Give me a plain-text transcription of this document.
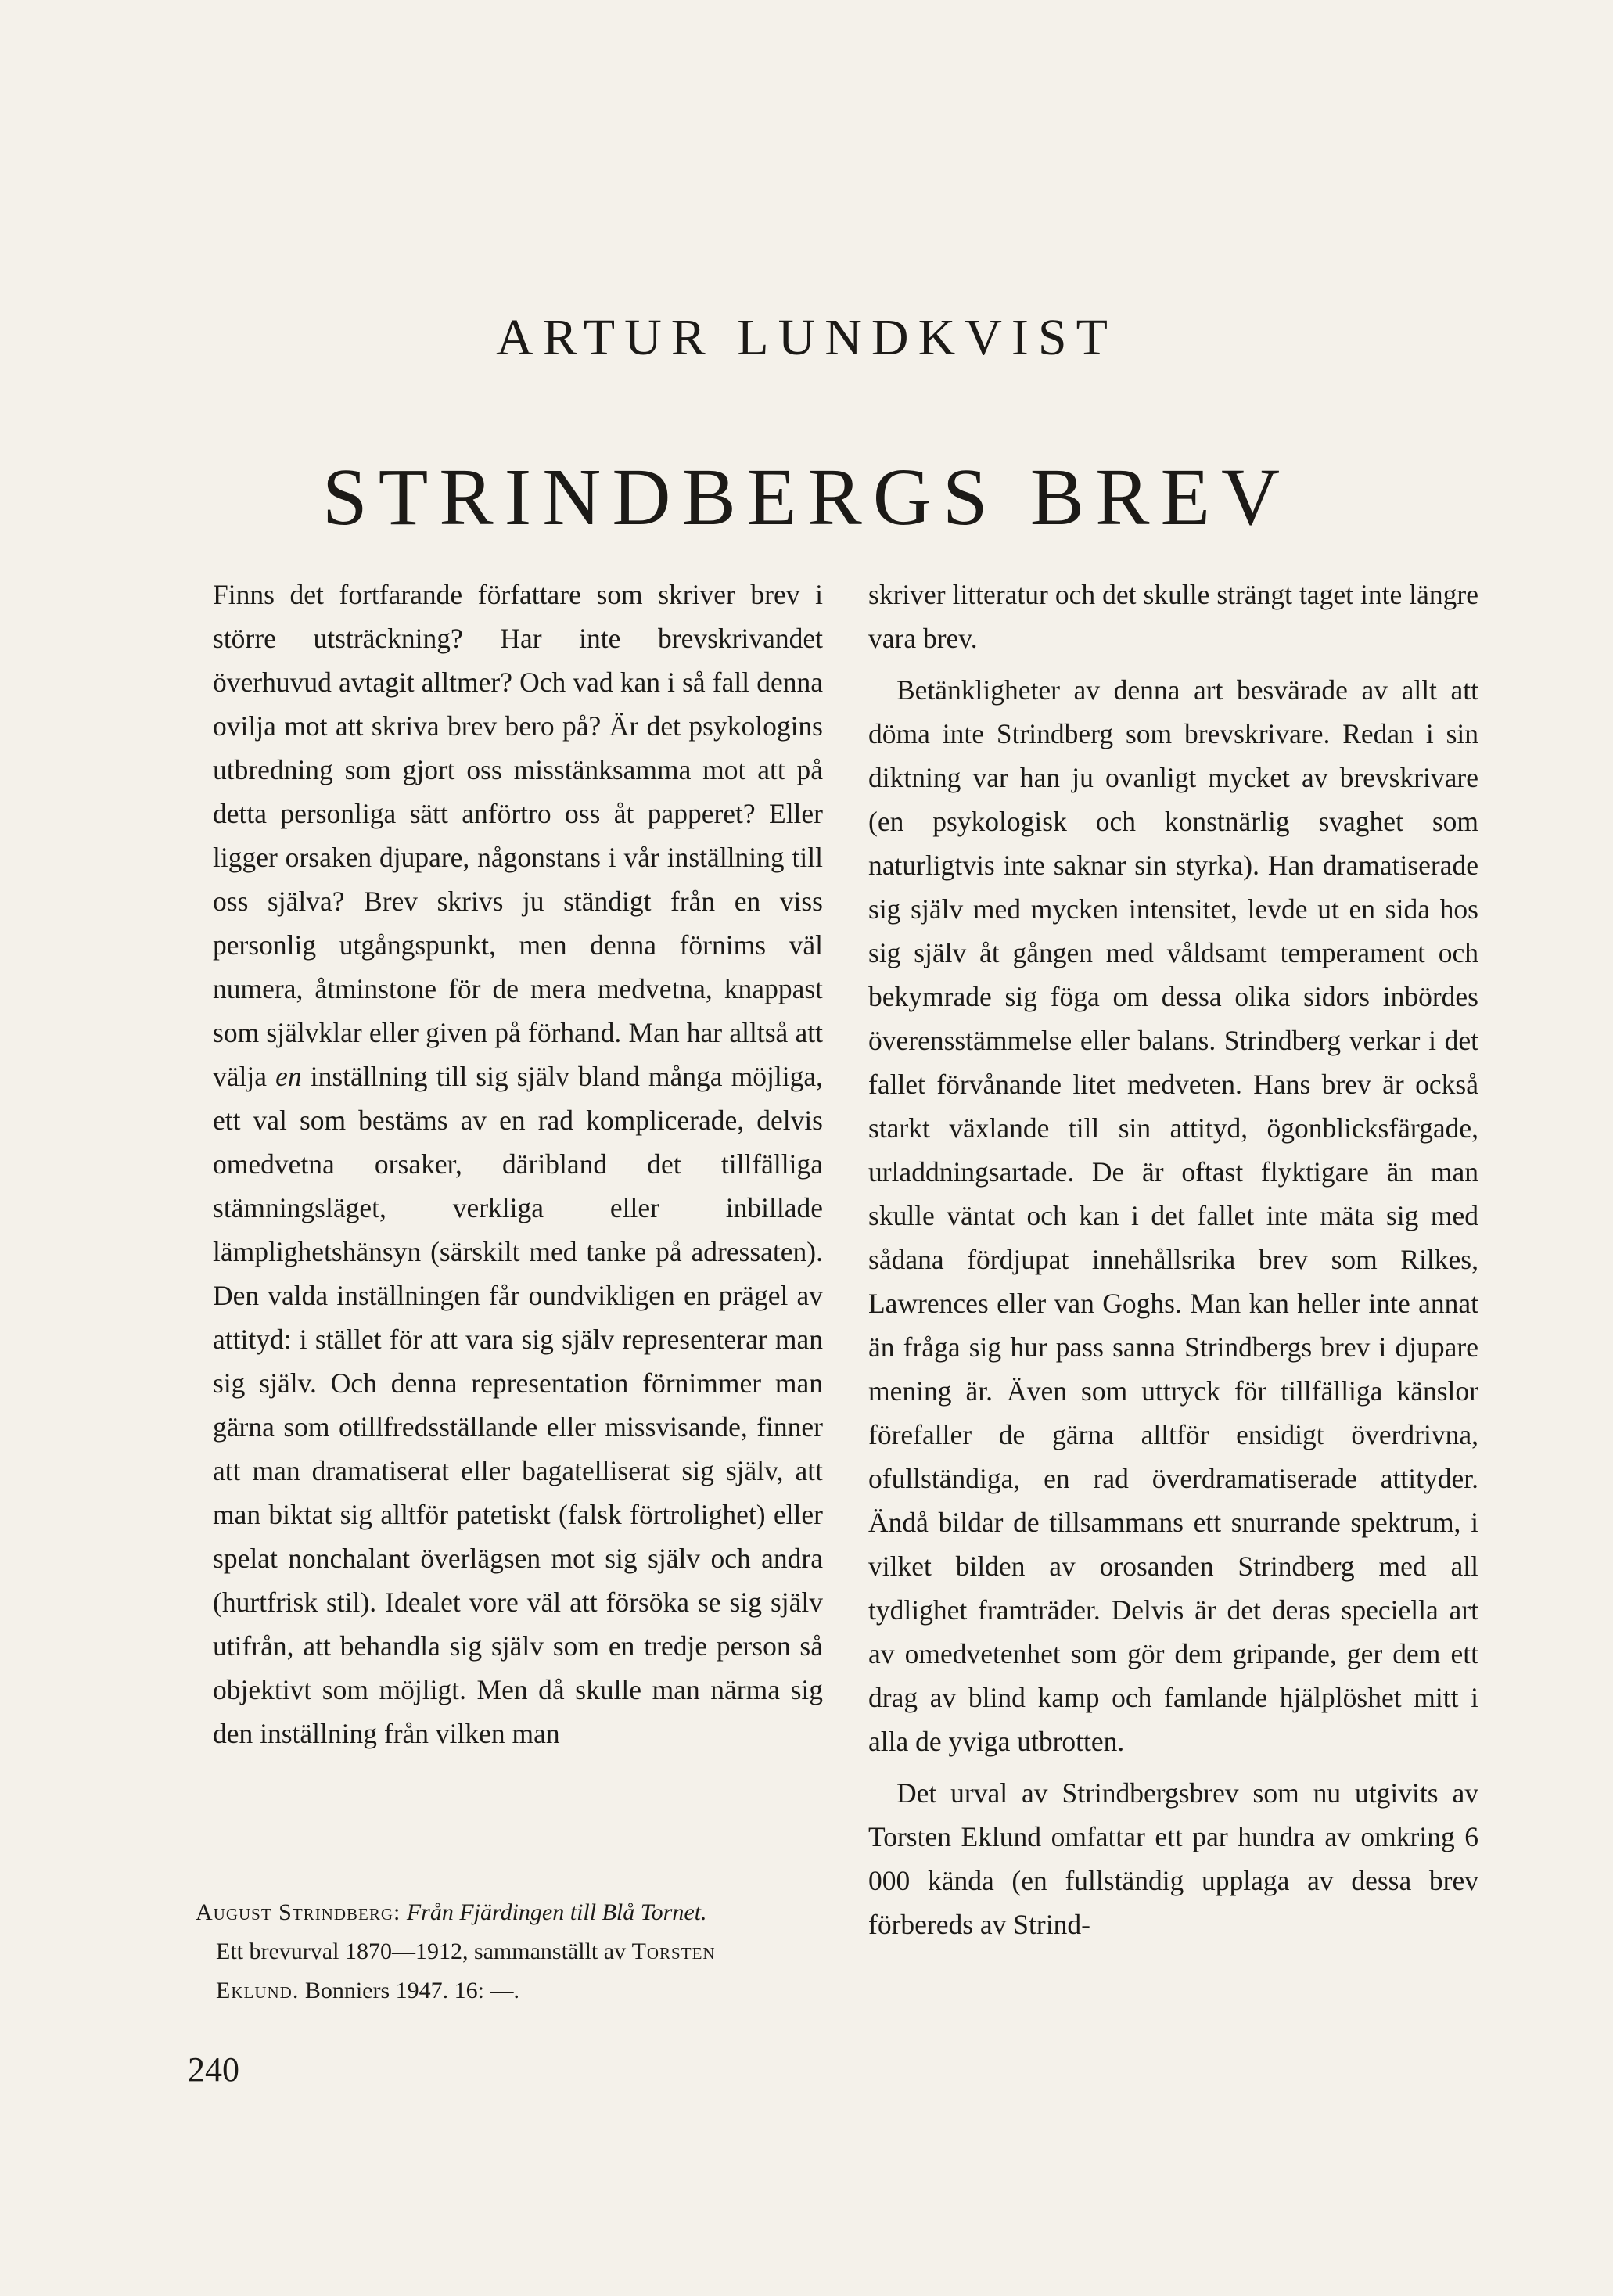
ARTUR LUNDKVIST
STRINDBERGS BREV

Finns det fortfarande författare som skriver brev i större utsträckning? Har inte brevskrivandet överhuvud avtagit alltmer? Och vad kan i så fall denna ovilja mot att skriva brev bero på? Är det psykologins utbredning som gjort oss misstänksamma mot att på detta personliga sätt anförtro oss åt papperet? Eller ligger orsaken djupare, någonstans i vår inställning till oss själva? Brev skrivs ju ständigt från en viss personlig utgångspunkt, men denna förnims väl numera, åtminstone för de mera medvetna, knappast som självklar eller given på förhand. Man har alltså att välja en inställning till sig själv bland många möjliga, ett val som bestäms av en rad komplicerade, delvis omedvetna orsaker, däribland det tillfälliga stämningsläget, verkliga eller inbillade lämplighetshänsyn (särskilt med tanke på adressaten). Den valda inställningen får oundvikligen en prägel av attityd: i stället för att vara sig själv representerar man sig själv. Och denna representation förnimmer man gärna som otillfredsställande eller missvisande, finner att man dramatiserat eller bagatelliserat sig själv, att man biktat sig alltför patetiskt (falsk förtrolighet) eller spelat nonchalant överlägsen mot sig själv och andra (hurtfrisk stil). Idealet vore väl att försöka se sig själv utifrån, att behandla sig själv som en tredje person så objektivt som möjligt. Men då skulle man närma sig den inställning från vilken man

skriver litteratur och det skulle strängt taget inte längre vara brev.

Betänkligheter av denna art besvärade av allt att döma inte Strindberg som brevskrivare. Redan i sin diktning var han ju ovanligt mycket av brevskrivare (en psykologisk och konstnärlig svaghet som naturligtvis inte saknar sin styrka). Han dramatiserade sig själv med mycken intensitet, levde ut en sida hos sig själv åt gången med våldsamt temperament och bekymrade sig föga om dessa olika sidors inbördes överensstämmelse eller balans. Strindberg verkar i det fallet förvånande litet medveten. Hans brev är också starkt växlande till sin attityd, ögonblicksfärgade, urladdningsartade. De är oftast flyktigare än man skulle väntat och kan i det fallet inte mäta sig med sådana fördjupat innehållsrika brev som Rilkes, Lawrences eller van Goghs. Man kan heller inte annat än fråga sig hur pass sanna Strindbergs brev i djupare mening är. Även som uttryck för tillfälliga känslor förefaller de gärna alltför ensidigt överdrivna, ofullständiga, en rad överdramatiserade attityder. Ändå bildar de tillsammans ett snurrande spektrum, i vilket bilden av orosanden Strindberg med all tydlighet framträder. Delvis är det deras speciella art av omedvetenhet som gör dem gripande, ger dem ett drag av blind kamp och famlande hjälplöshet mitt i alla de yviga utbrotten.

Det urval av Strindbergsbrev som nu utgivits av Torsten Eklund omfattar ett par hundra av omkring 6 000 kända (en fullständig upplaga av dessa brev förbereds av Strind-

August Strindberg: Från Fjärdingen till Blå Tornet.
Ett brevurval 1870—1912, sammanställt av Torsten
Eklund. Bonniers 1947. 16: —.
240
